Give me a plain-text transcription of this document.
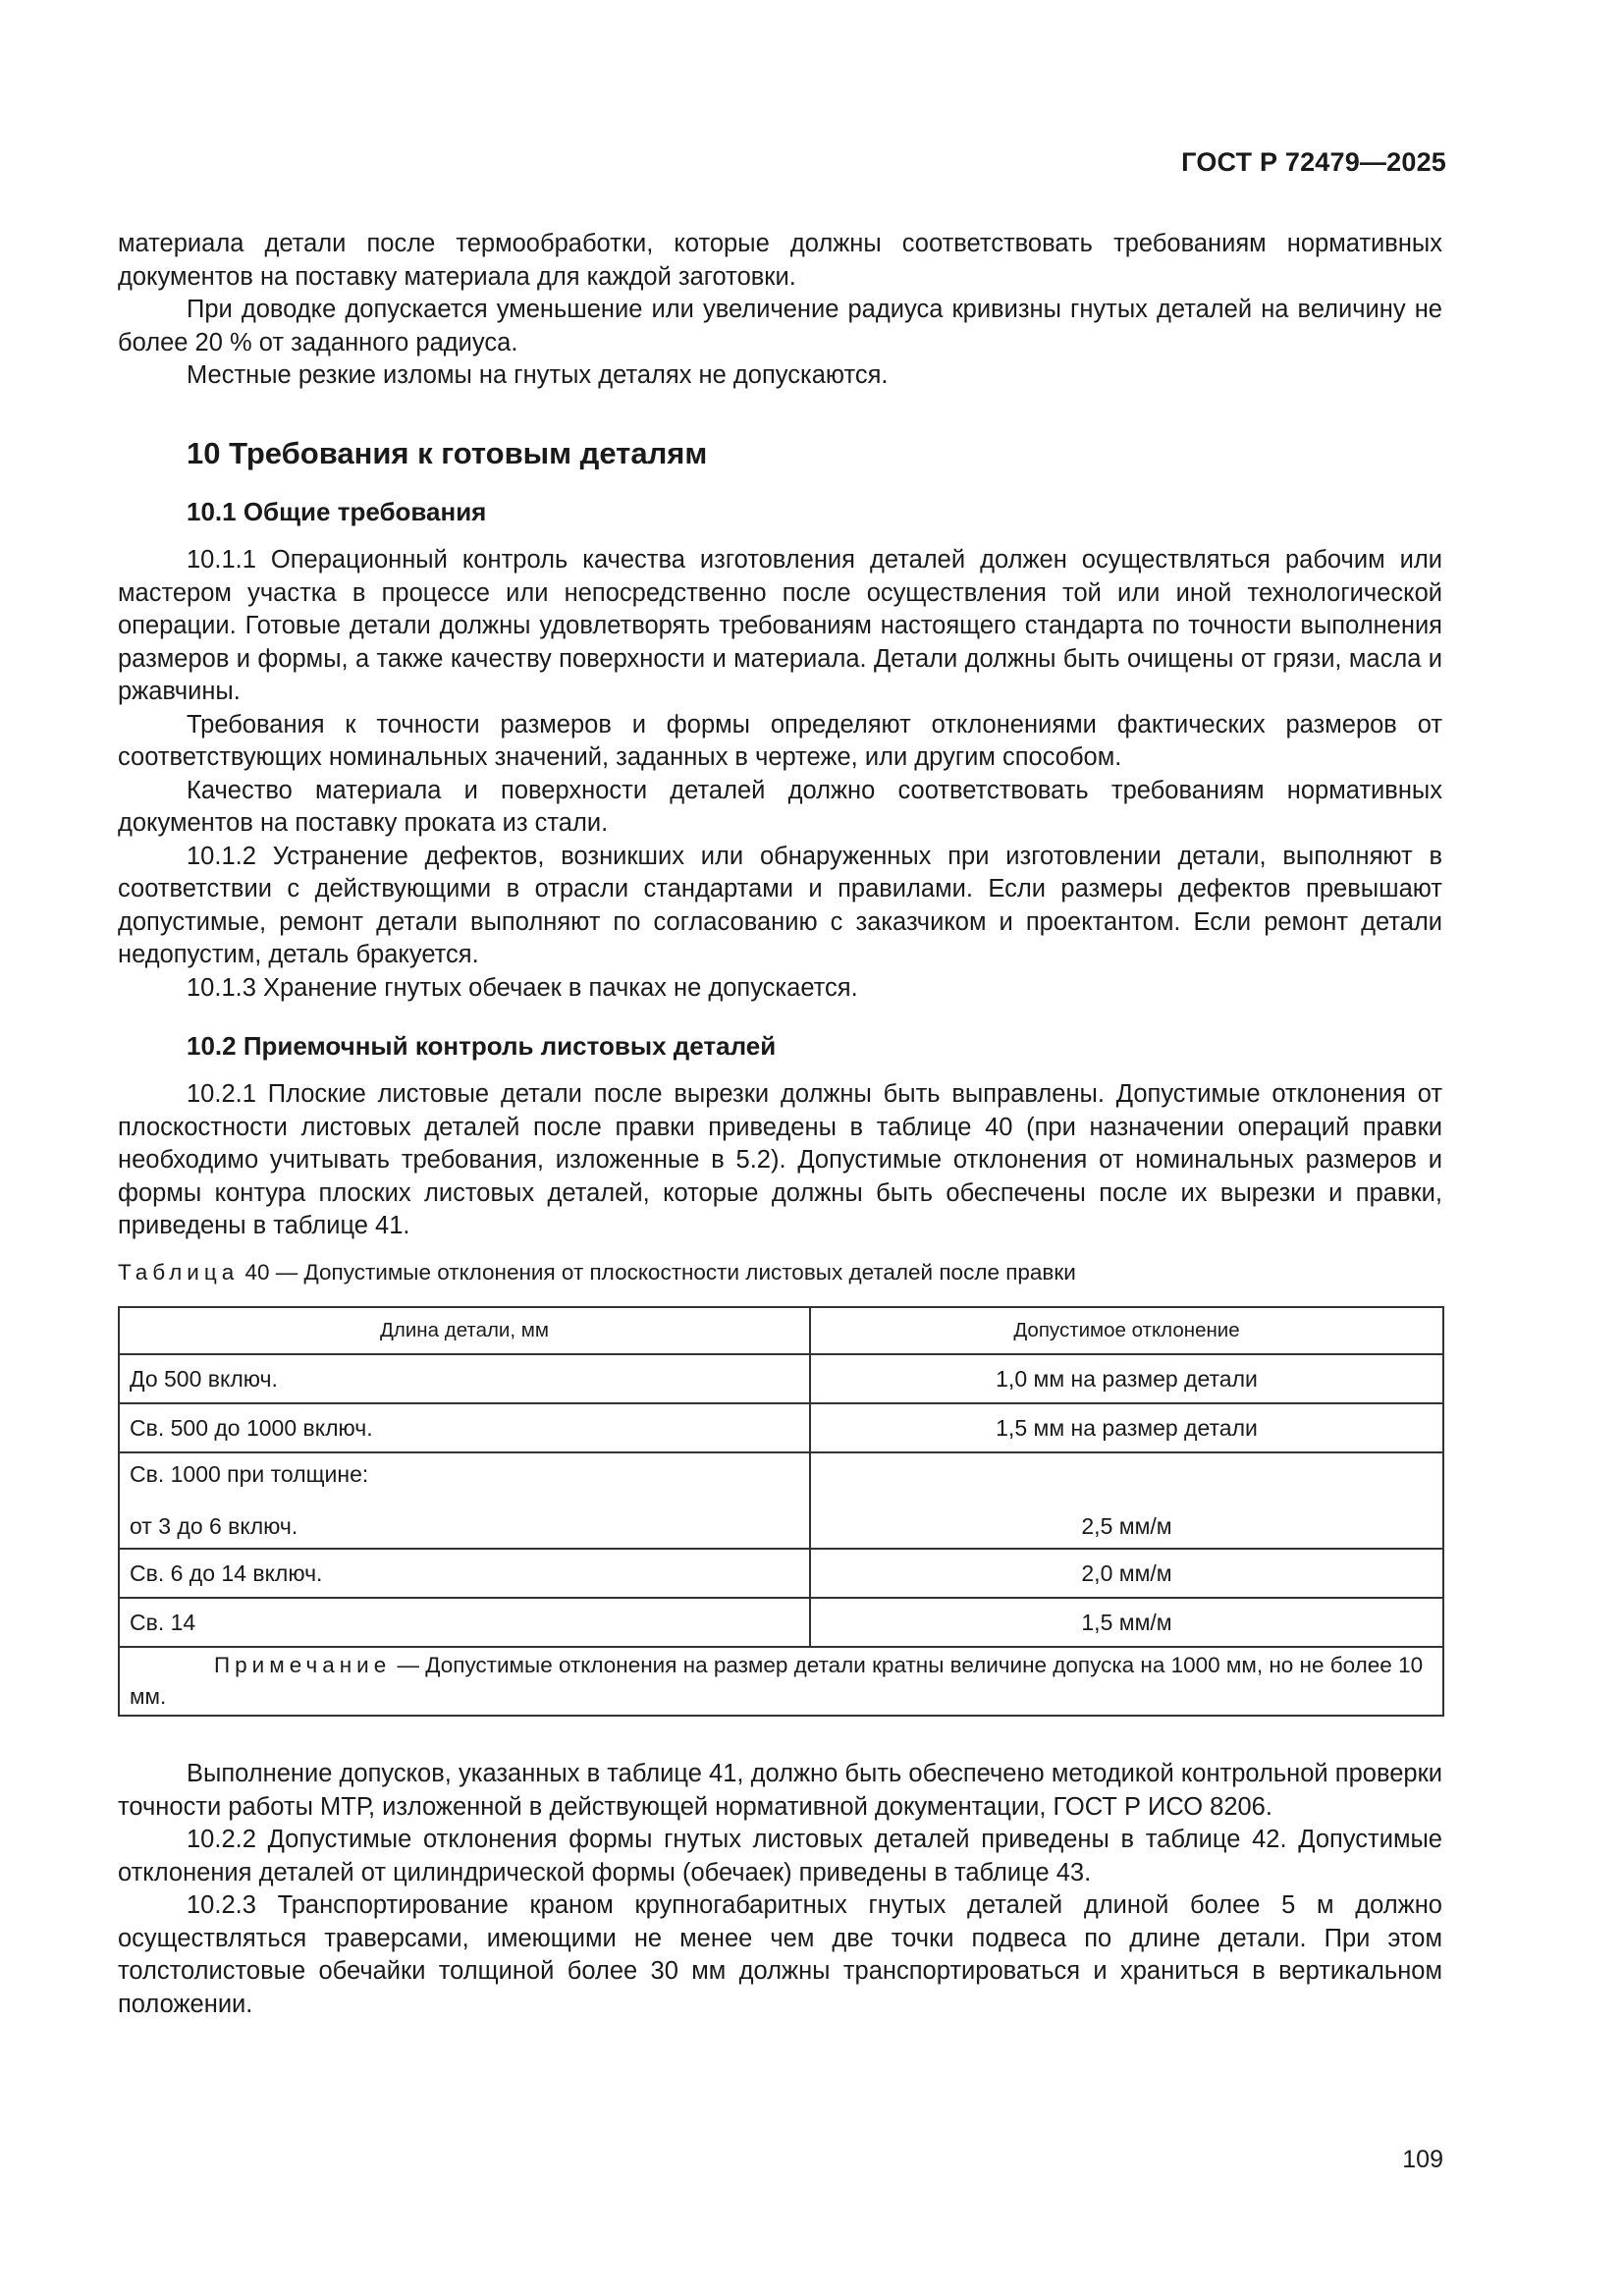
ГОСТ Р 72479—2025

материала детали после термообработки, которые должны соответствовать требованиям нормативных документов на поставку материала для каждой заготовки.

При доводке допускается уменьшение или увеличение радиуса кривизны гнутых деталей на величину не более 20 % от заданного радиуса.

Местные резкие изломы на гнутых деталях не допускаются.

10 Требования к готовым деталям
10.1 Общие требования

10.1.1 Операционный контроль качества изготовления деталей должен осуществляться рабочим или мастером участка в процессе или непосредственно после осуществления той или иной технологической операции. Готовые детали должны удовлетворять требованиям настоящего стандарта по точности выполнения размеров и формы, а также качеству поверхности и материала. Детали должны быть очищены от грязи, масла и ржавчины.

Требования к точности размеров и формы определяют отклонениями фактических размеров от соответствующих номинальных значений, заданных в чертеже, или другим способом.

Качество материала и поверхности деталей должно соответствовать требованиям нормативных документов на поставку проката из стали.

10.1.2 Устранение дефектов, возникших или обнаруженных при изготовлении детали, выполняют в соответствии с действующими в отрасли стандартами и правилами. Если размеры дефектов превышают допустимые, ремонт детали выполняют по согласованию с заказчиком и проектантом. Если ремонт детали недопустим, деталь бракуется.

10.1.3 Хранение гнутых обечаек в пачках не допускается.

10.2 Приемочный контроль листовых деталей

10.2.1 Плоские листовые детали после вырезки должны быть выправлены. Допустимые отклонения от плоскостности листовых деталей после правки приведены в таблице 40 (при назначении операций правки необходимо учитывать требования, изложенные в 5.2). Допустимые отклонения от номинальных размеров и формы контура плоских листовых деталей, которые должны быть обеспечены после их вырезки и правки, приведены в таблице 41.

Таблица 40 — Допустимые отклонения от плоскостности листовых деталей после правки
Длина детали, мм	Допустимое отклонение
До 500 включ.	1,0 мм на размер детали
Св. 500 до 1000 включ.	1,5 мм на размер детали

Св. 1000 при толщине:
от 3 до 6 включ.	2,5 мм/м

Св. 6 до 14 включ.	2,0 мм/м
Св. 14	1,5 мм/м
Примечание — Допустимые отклонения на размер детали кратны величине допуска на 1000 мм, но не более 10 мм.	

Выполнение допусков, указанных в таблице 41, должно быть обеспечено методикой контрольной проверки точности работы МТР, изложенной в действующей нормативной документации, ГОСТ Р ИСО 8206.

10.2.2 Допустимые отклонения формы гнутых листовых деталей приведены в таблице 42. Допустимые отклонения деталей от цилиндрической формы (обечаек) приведены в таблице 43.

10.2.3 Транспортирование краном крупногабаритных гнутых деталей длиной более 5 м должно осуществляться траверсами, имеющими не менее чем две точки подвеса по длине детали. При этом толстолистовые обечайки толщиной более 30 мм должны транспортироваться и храниться в вертикальном положении.

109
